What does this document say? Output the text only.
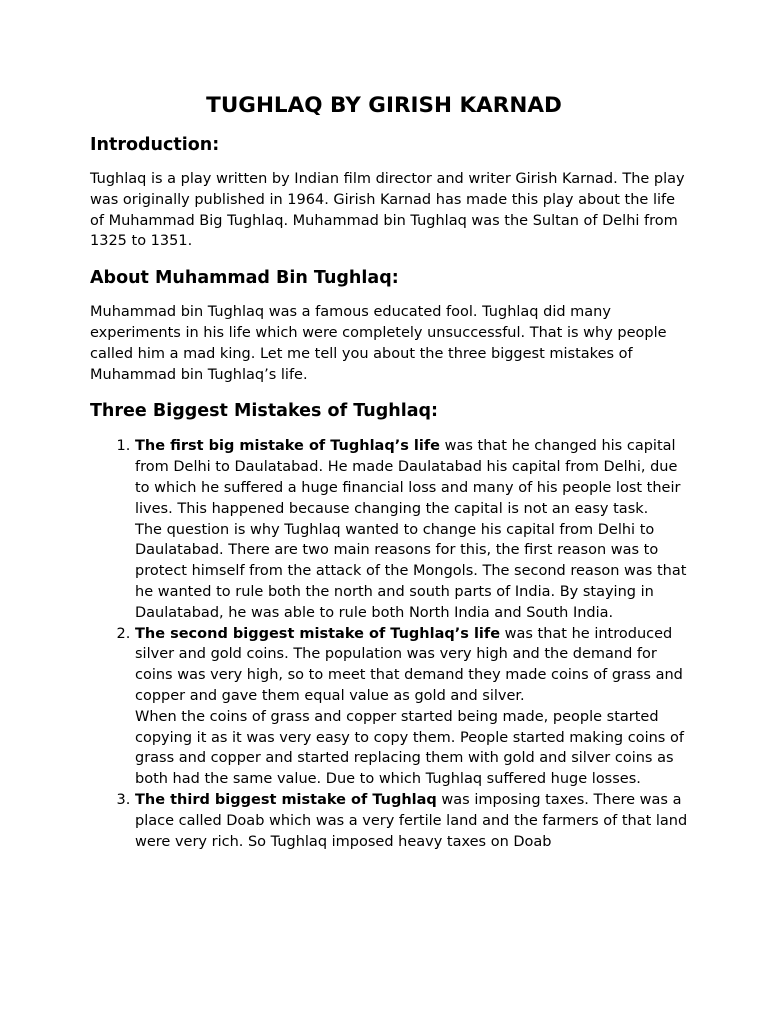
TUGHLAQ BY GIRISH KARNAD
Introduction:

Tughlaq is a play written by Indian film director and writer Girish Karnad. The play was originally published in 1964. Girish Karnad has made this play about the life of Muhammad Big Tughlaq. Muhammad bin Tughlaq was the Sultan of Delhi from 1325 to 1351.

About Muhammad Bin Tughlaq:

Muhammad bin Tughlaq was a famous educated fool. Tughlaq did many experiments in his life which were completely unsuccessful. That is why people called him a mad king. Let me tell you about the three biggest mistakes of Muhammad bin Tughlaq’s life.

Three Biggest Mistakes of Tughlaq:
1. The first big mistake of Tughlaq’s life was that he changed his capital from Delhi to Daulatabad. He made Daulatabad his capital from Delhi, due to which he suffered a huge financial loss and many of his people lost their lives. This happened because changing the capital is not an easy task.
The question is why Tughlaq wanted to change his capital from Delhi to Daulatabad. There are two main reasons for this, the first reason was to protect himself from the attack of the Mongols. The second reason was that he wanted to rule both the north and south parts of India. By staying in Daulatabad, he was able to rule both North India and South India.
2. The second biggest mistake of Tughlaq’s life was that he introduced silver and gold coins. The population was very high and the demand for coins was very high, so to meet that demand they made coins of grass and copper and gave them equal value as gold and silver.
When the coins of grass and copper started being made, people started copying it as it was very easy to copy them. People started making coins of grass and copper and started replacing them with gold and silver coins as both had the same value. Due to which Tughlaq suffered huge losses.
3. The third biggest mistake of Tughlaq was imposing taxes. There was a place called Doab which was a very fertile land and the farmers of that land were very rich. So Tughlaq imposed heavy taxes on Doab
